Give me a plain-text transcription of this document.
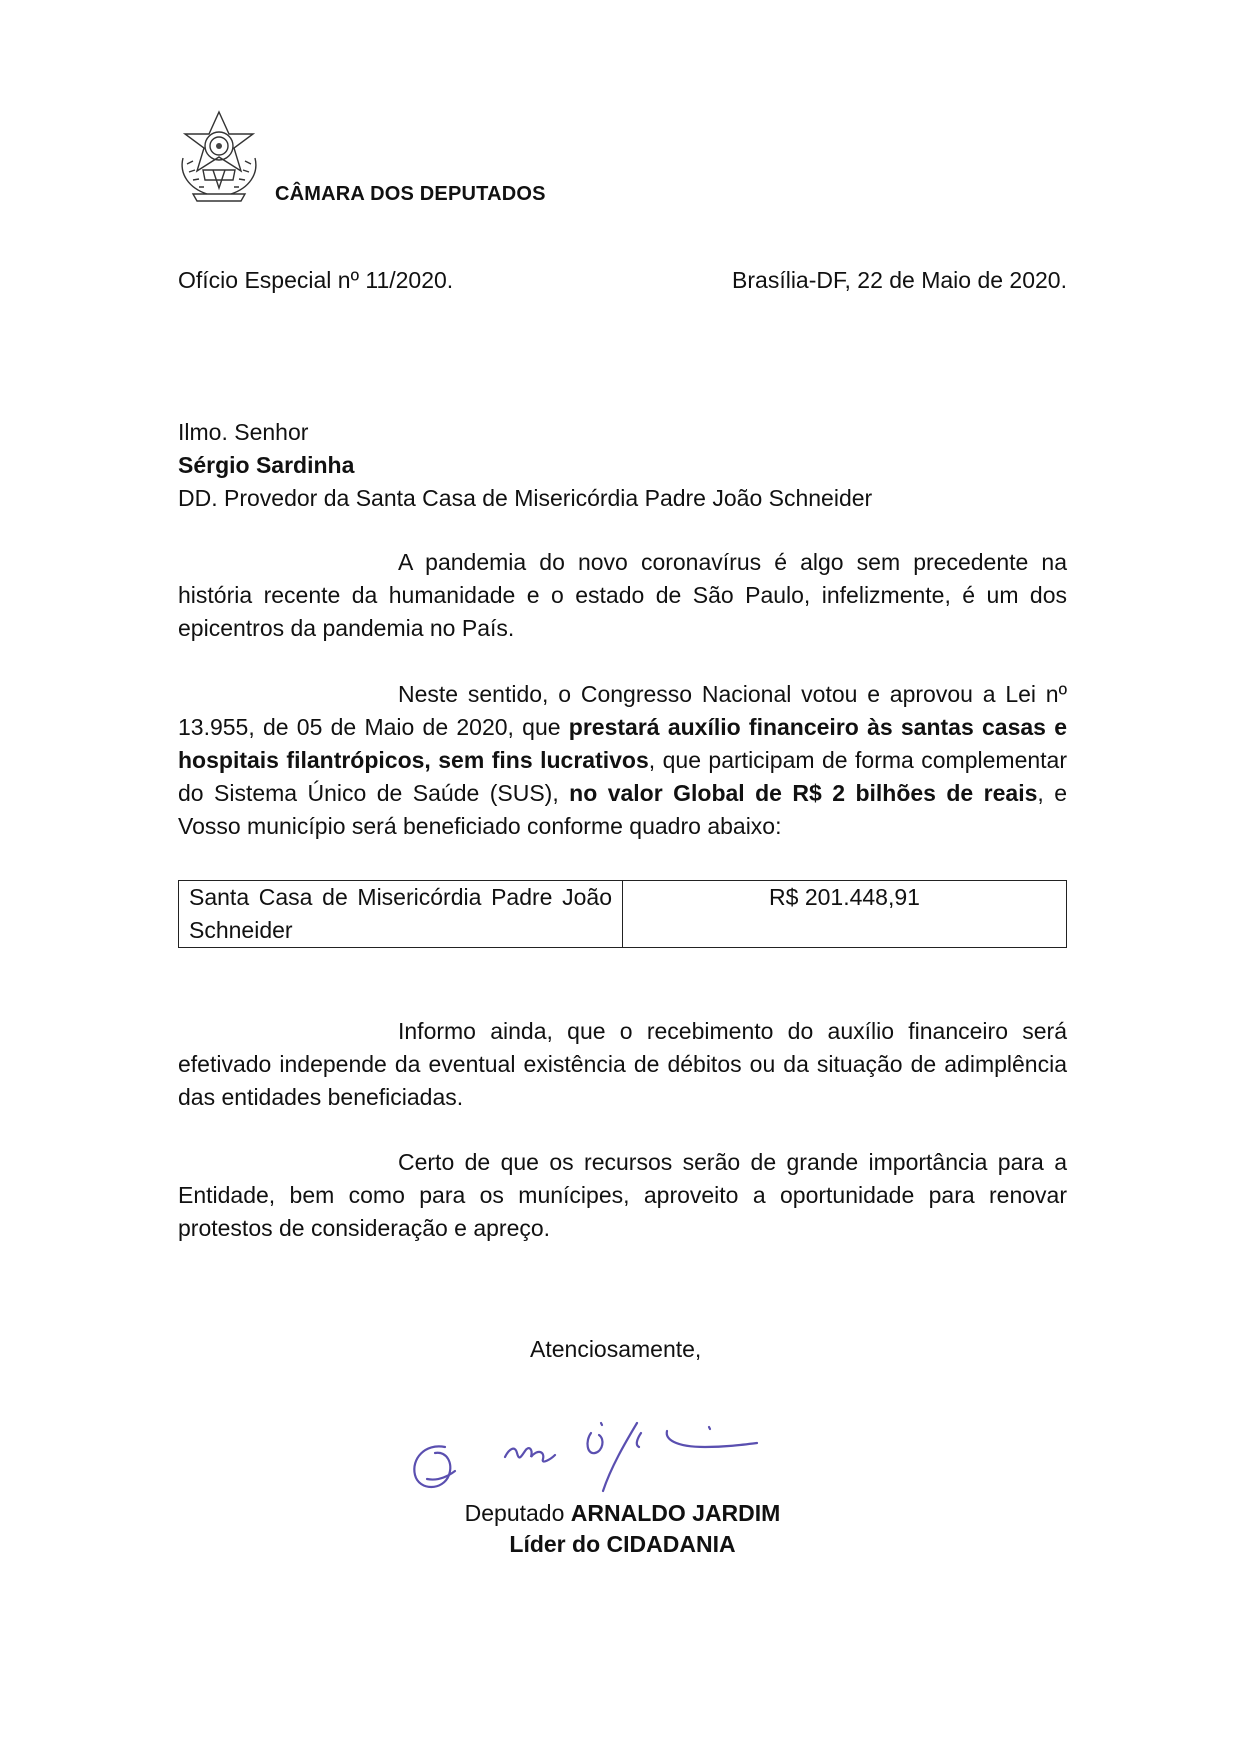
CÂMARA DOS DEPUTADOS
Ofício Especial nº 11/2020.	Brasília-DF, 22 de Maio de 2020.
Ilmo. Senhor
Sérgio Sardinha
DD. Provedor da Santa Casa de Misericórdia Padre João Schneider
A pandemia do novo coronavírus é algo sem precedente na história recente da humanidade e o estado de São Paulo, infelizmente, é um dos epicentros da pandemia no País.
Neste sentido, o Congresso Nacional votou e aprovou a Lei nº 13.955, de 05 de Maio de 2020, que prestará auxílio financeiro às santas casas e hospitais filantrópicos, sem fins lucrativos, que participam de forma complementar do Sistema Único de Saúde (SUS), no valor Global de R$ 2 bilhões de reais, e Vosso município será beneficiado conforme quadro abaixo:
Santa Casa de Misericórdia Padre João Schneider	R$ 201.448,91
Informo ainda, que o recebimento do auxílio financeiro será efetivado independe da eventual existência de débitos ou da situação de adimplência das entidades beneficiadas.
Certo de que os recursos serão de grande importância para a Entidade, bem como para os munícipes, aproveito a oportunidade para renovar protestos de consideração e apreço.
Atenciosamente,
Deputado ARNALDO JARDIM
Líder do CIDADANIA
